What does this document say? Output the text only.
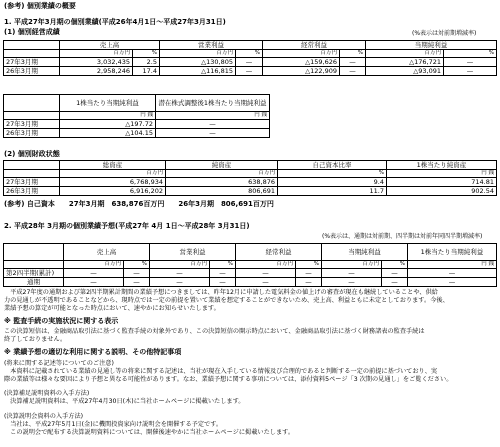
(参考) 個別業績の概要
1. 平成27年3月期の個別業績(平成26年4月1日～平成27年3月31日)
(1) 個別経営成績	(%表示は対前期増減率)
	売上高		営業利益		経常利益		当期純利益	
	百万円	%	百万円	%	百万円	%	百万円	%
27年3月期	3,032,435	2.5	△130,805	—	△159,626	—	△176,721	—
26年3月期	2,958,246	17.4	△116,815	—	△122,909	—	△93,091	—
	1株当たり当期純利益	潜在株式調整後1株当たり当期純利益
	円 銭	円 銭
27年3月期	△197.72	—
26年3月期	△104.15	—
(2) 個別財政状態
	総資産	純資産	自己資本比率	1株当たり純資産
	百万円	百万円	%	円 銭
27年3月期	6,768,934	638,876	9.4	714.81
26年3月期	6,916,202	806,691	11.7	902.54
(参考) 自己資本　　27年3月期　638,876百万円　　26年3月期　806,691百万円
2. 平成28年 3月期の個別業績予想(平成27年 4月 1日～平成28年 3月31日)
(%表示は、通期は対前期、四半期は対前年同四半期増減率)
	売上高		営業利益		経常利益		当期純利益		1株当たり当期純利益
	百万円	%	百万円	%	百万円	%	百万円	%	円 銭
第2四半期(累計)	—	—	—	—	—	—	—	—	—
通期	—	—	—	—	—	—	—	—	—
　平成27年度の通期および第2四半期累計期間の業績予想につきましては、昨年12月に申請した電気料金の値上げの審査が現在も継続していることや、供給
力の見通しが不透明であることなどから、現時点では一定の前提を置いて業績を想定することができないため、売上高、利益ともに未定としております。今後、
業績予想の算定が可能となった時点において、速やかにお知らせいたします。
※ 監査手続の実施状況に関する表示
この決算短信は、金融商品取引法に基づく監査手続の対象外であり、この決算短信の開示時点において、金融商品取引法に基づく財務諸表の監査手続は
終了しておりません。
※ 業績予想の適切な利用に関する説明、その他特記事項
(将来に関する記述等についてのご注意)
　本資料に記載されている業績の見通し等の将来に関する記述は、当社が現在入手している情報及び合理的であると判断する一定の前提に基づいており、実
際の業績等は様々な要因により予想と異なる可能性があります。なお、業績予想に関する事項については、添付資料5ページ「3 次期の見通し」をご覧ください。
(決算補足説明資料の入手方法)
　決算補足説明資料は、平成27年4月30日(木)に当社ホームページに掲載いたします。
(決算説明会資料の入手方法)
　当社は、平成27年5月1日(金)に機関投資家向け説明会を開催する予定です。
　この説明会で配布する決算説明資料については、開催後速やかに当社ホームページに掲載いたします。
